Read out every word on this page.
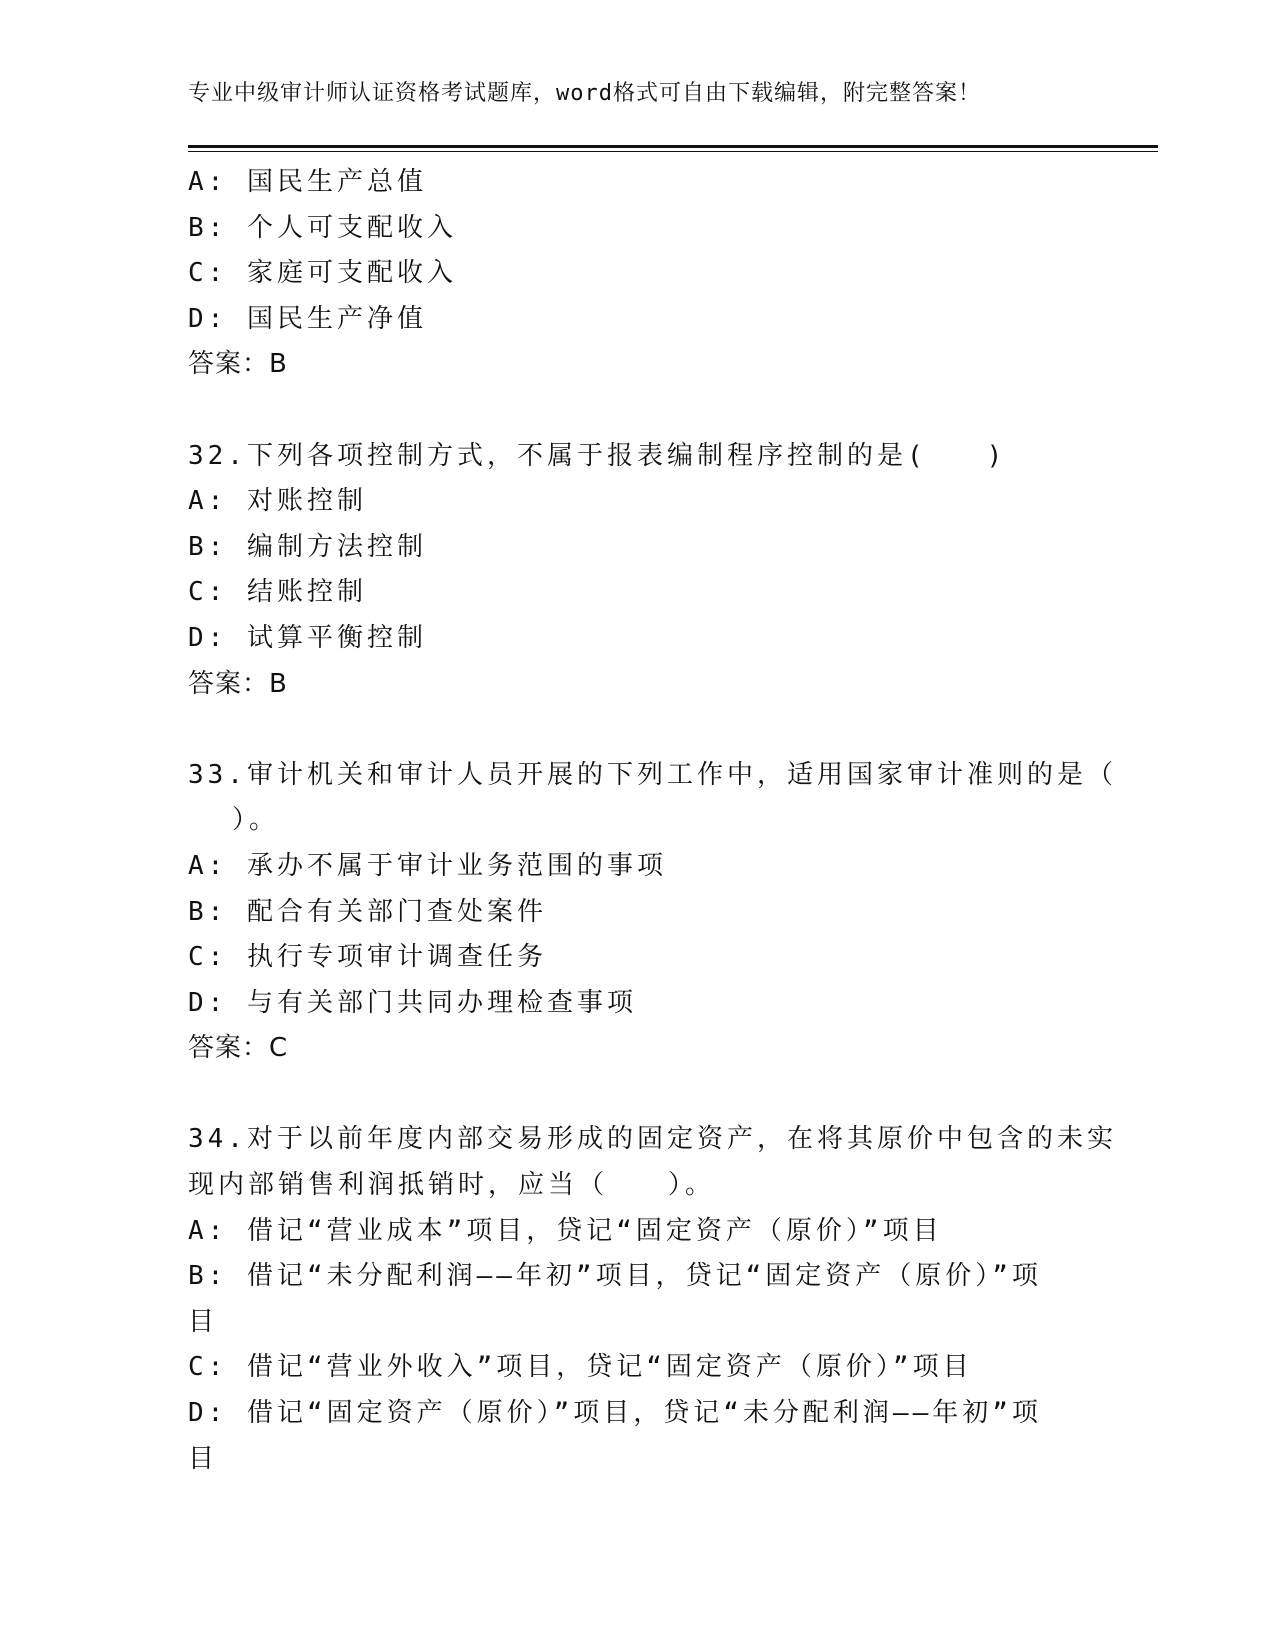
专业中级审计师认证资格考试题库，word格式可自由下载编辑，附完整答案！

A: 国民生产总值

B: 个人可支配收入

C: 家庭可支配收入

D: 国民生产净值

答案：B

32.下列各项控制方式，不属于报表编制程序控制的是(　　)

A: 对账控制

B: 编制方法控制

C: 结账控制

D: 试算平衡控制

答案：B

33.审计机关和审计人员开展的下列工作中，适用国家审计准则的是（

）。

A: 承办不属于审计业务范围的事项

B: 配合有关部门查处案件

C: 执行专项审计调查任务

D: 与有关部门共同办理检查事项

答案：C

34.对于以前年度内部交易形成的固定资产，在将其原价中包含的未实

现内部销售利润抵销时，应当（　　）。

A: 借记“营业成本”项目，贷记“固定资产（原价）”项目

B: 借记“未分配利润——年初”项目，贷记“固定资产（原价）”项

目

C: 借记“营业外收入”项目，贷记“固定资产（原价）”项目

D: 借记“固定资产（原价）”项目，贷记“未分配利润——年初”项

目
